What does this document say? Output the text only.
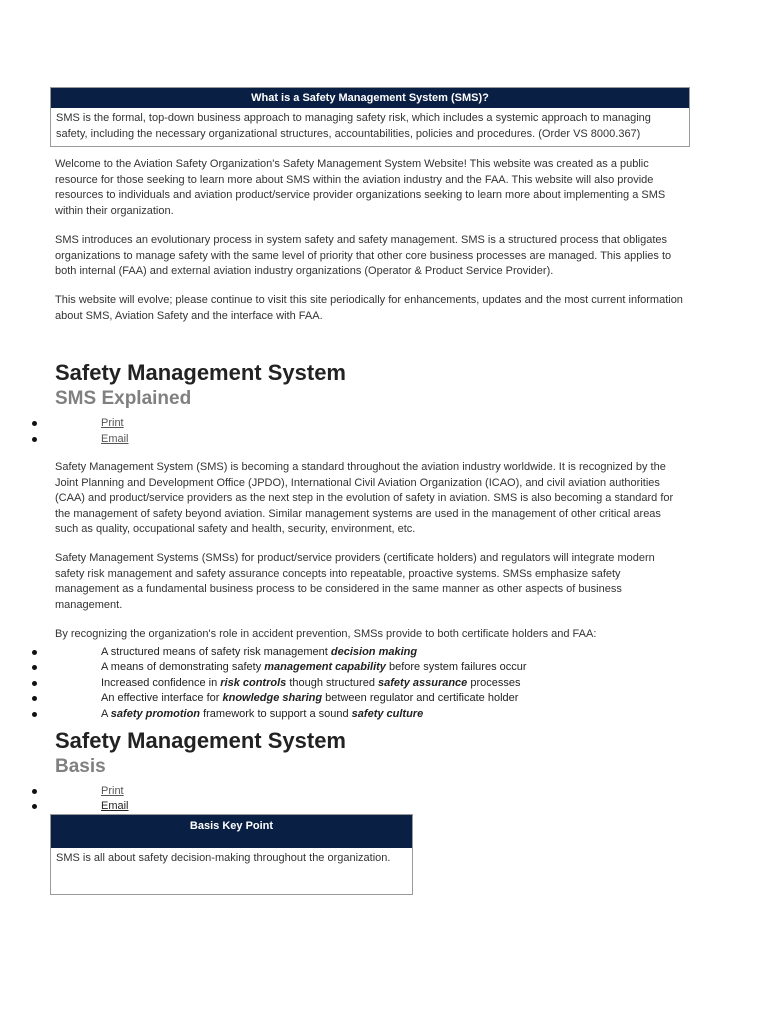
What is a Safety Management System (SMS)?
SMS is the formal, top-down business approach to managing safety risk, which includes a systemic approach to managing safety, including the necessary organizational structures, accountabilities, policies and procedures. (Order VS 8000.367)

Welcome to the Aviation Safety Organization's Safety Management System Website! This website was created as a public resource for those seeking to learn more about SMS within the aviation industry and the FAA. This website will also provide resources to individuals and aviation product/service provider organizations seeking to learn more about implementing a SMS within their organization.

SMS introduces an evolutionary process in system safety and safety management. SMS is a structured process that obligates organizations to manage safety with the same level of priority that other core business processes are managed. This applies to both internal (FAA) and external aviation industry organizations (Operator & Product Service Provider).

This website will evolve; please continue to visit this site periodically for enhancements, updates and the most current information about SMS, Aviation Safety and the interface with FAA.

Safety Management System
SMS Explained
Print
Email

Safety Management System (SMS) is becoming a standard throughout the aviation industry worldwide. It is recognized by the Joint Planning and Development Office (JPDO), International Civil Aviation Organization (ICAO), and civil aviation authorities (CAA) and product/service providers as the next step in the evolution of safety in aviation. SMS is also becoming a standard for the management of safety beyond aviation. Similar management systems are used in the management of other critical areas such as quality, occupational safety and health, security, environment, etc.

Safety Management Systems (SMSs) for product/service providers (certificate holders) and regulators will integrate modern safety risk management and safety assurance concepts into repeatable, proactive systems. SMSs emphasize safety management as a fundamental business process to be considered in the same manner as other aspects of business management.

By recognizing the organization's role in accident prevention, SMSs provide to both certificate holders and FAA:

A structured means of safety risk management decision making
A means of demonstrating safety management capability before system failures occur
Increased confidence in risk controls though structured safety assurance processes
An effective interface for knowledge sharing between regulator and certificate holder
A safety promotion framework to support a sound safety culture
Safety Management System
Basis
Print
Email
Basis Key Point
SMS is all about safety decision-making throughout the organization.
